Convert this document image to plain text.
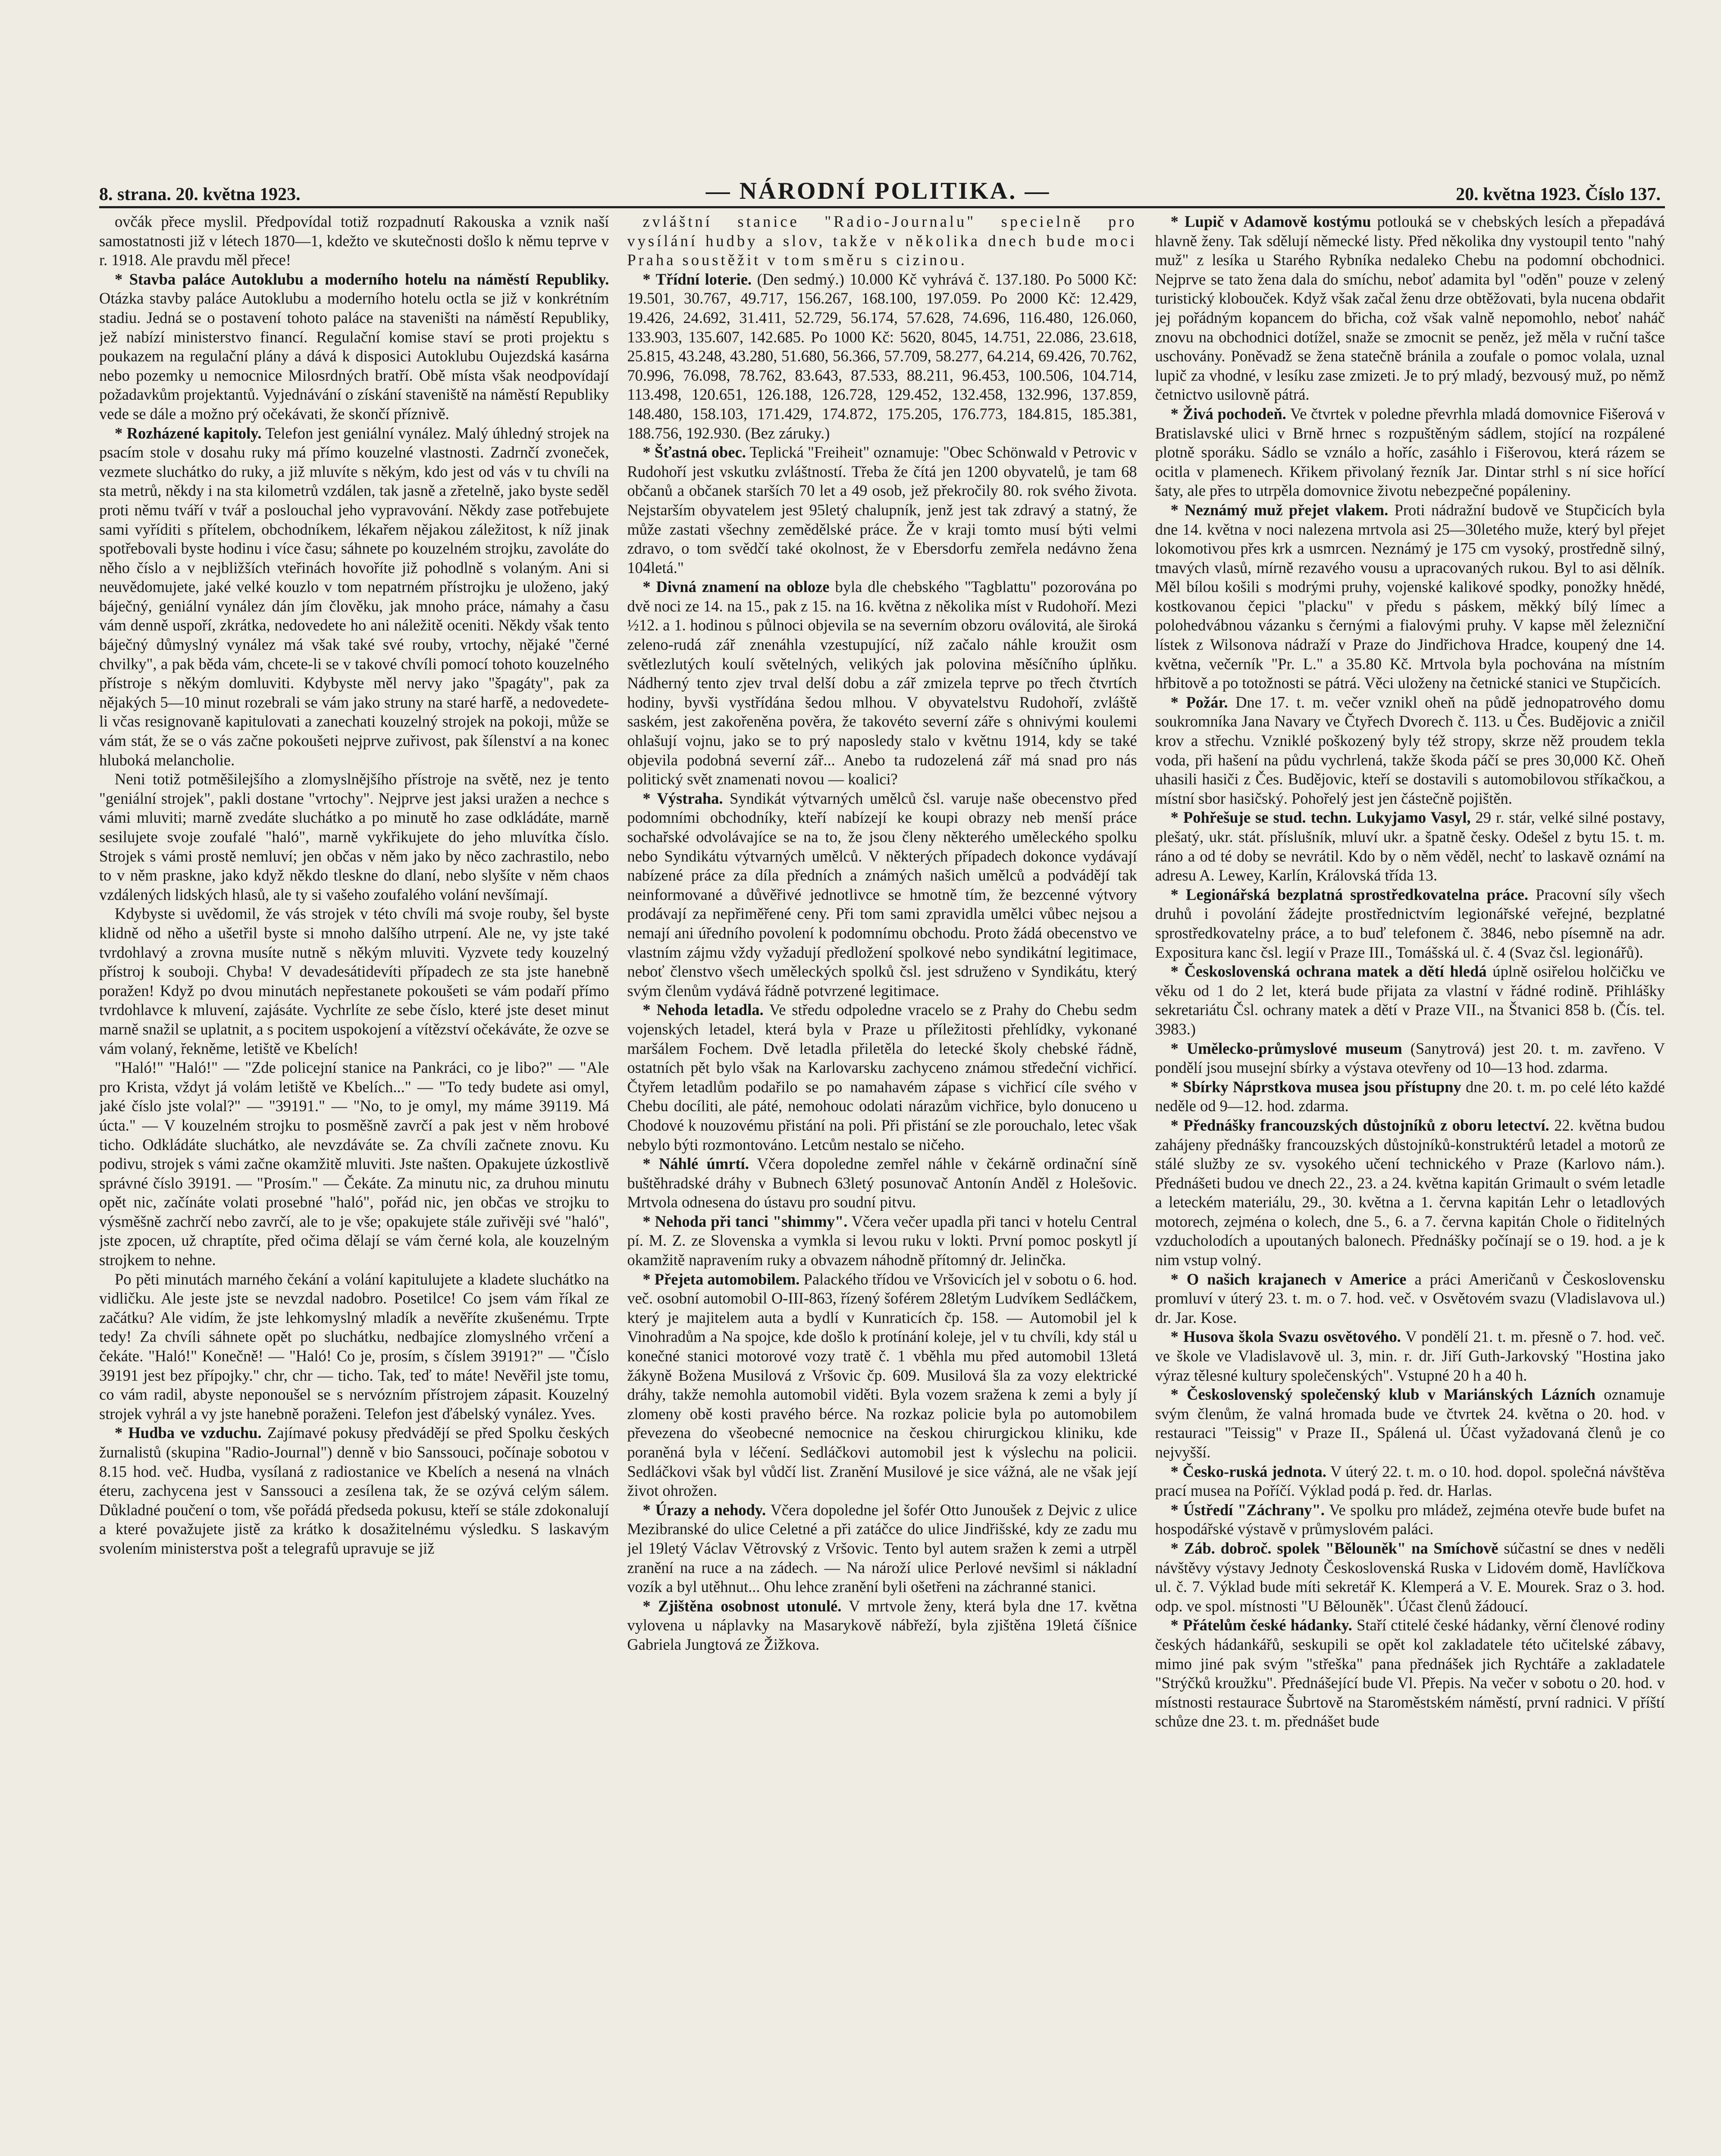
8. strana. 20. května 1923.	— NÁRODNÍ POLITIKA. —	20. května 1923. Číslo 137.

ovčák přece myslil. Předpovídal totiž rozpadnutí Rakouska a vznik naší samostatnosti již v létech 1870—1, kdežto ve skutečnosti došlo k němu teprve v r. 1918. Ale pravdu měl přece!

* Stavba paláce Autoklubu a moderního hotelu na náměstí Republiky. Otázka stavby paláce Autoklubu a moderního hotelu octla se již v konkrétním stadiu. Jedná se o postavení tohoto paláce na staveništi na náměstí Republiky, jež nabízí ministerstvo financí. Regulační komise staví se proti projektu s poukazem na regulační plány a dává k disposici Autoklubu Oujezdská kasárna nebo pozemky u nemocnice Milosrdných bratří. Obě místa však neodpovídají požadavkům projektantů. Vyjednávání o získání staveniště na náměstí Republiky vede se dále a možno prý očekávati, že skončí příznivě.

* Rozházené kapitoly. Telefon jest geniální vynález. Malý úhledný strojek na psacím stole v dosahu ruky má přímo kouzelné vlastnosti. Zadrnčí zvoneček, vezmete sluchátko do ruky, a již mluvíte s někým, kdo jest od vás v tu chvíli na sta metrů, někdy i na sta kilometrů vzdálen, tak jasně a zřetelně, jako byste seděl proti němu tváří v tvář a poslouchal jeho vypravování. Někdy zase potřebujete sami vyříditi s přítelem, obchodníkem, lékařem nějakou záležitost, k níž jinak spotřebovali byste hodinu i více času; sáhnete po kouzelném strojku, zavoláte do něho číslo a v nejbližších vteřinách hovoříte již pohodlně s volaným. Ani si neuvědomujete, jaké velké kouzlo v tom nepatrném přístrojku je uloženo, jaký báječný, geniální vynález dán jím člověku, jak mnoho práce, námahy a času vám denně uspoří, zkrátka, nedovedete ho ani náležitě oceniti. Někdy však tento báječný důmyslný vynález má však také své rouby, vrtochy, nějaké "černé chvilky", a pak běda vám, chcete-li se v takové chvíli pomocí tohoto kouzelného přístroje s někým domluviti. Kdybyste měl nervy jako "špagáty", pak za nějakých 5—10 minut rozebrali se vám jako struny na staré harfě, a nedovedete-li včas resignovaně kapitulovati a zanechati kouzelný strojek na pokoji, může se vám stát, že se o vás začne pokoušeti nejprve zuřivost, pak šílenství a na konec hluboká melancholie.

Neni totiž potměšilejšího a zlomyslnějšího přístroje na světě, nez je tento "geniální strojek", pakli dostane "vrtochy". Nejprve jest jaksi uražen a nechce s vámi mluviti; marně zvedáte sluchátko a po minutě ho zase odkládáte, marně sesilujete svoje zoufalé "haló", marně vykřikujete do jeho mluvítka číslo. Strojek s vámi prostě nemluví; jen občas v něm jako by něco zachrastilo, nebo to v něm praskne, jako když někdo tleskne do dlaní, nebo slyšíte v něm chaos vzdálených lidských hlasů, ale ty si vašeho zoufalého volání nevšímají.

Kdybyste si uvědomil, že vás strojek v této chvíli má svoje rouby, šel byste klidně od něho a ušetřil byste si mnoho dalšího utrpení. Ale ne, vy jste také tvrdohlavý a zrovna musíte nutně s někým mluviti. Vyzvete tedy kouzelný přístroj k souboji. Chyba! V devadesátidevíti případech ze sta jste hanebně poražen! Když po dvou minutách nepřestanete pokoušeti se vám podaří přímo tvrdohlavce k mluvení, zajásáte. Vychrlíte ze sebe číslo, které jste deset minut marně snažil se uplatnit, a s pocitem uspokojení a vítězství očekáváte, že ozve se vám volaný, řekněme, letiště ve Kbelích!

"Haló!" "Haló!" — "Zde policejní stanice na Pankráci, co je libo?" — "Ale pro Krista, vždyt já volám letiště ve Kbelích..." — "To tedy budete asi omyl, jaké číslo jste volal?" — "39191." — "No, to je omyl, my máme 39119. Má úcta." — V kouzelném strojku to posměšně zavrčí a pak jest v něm hrobové ticho. Odkládáte sluchátko, ale nevzdáváte se. Za chvíli začnete znovu. Ku podivu, strojek s vámi začne okamžitě mluviti. Jste našten. Opakujete úzkostlivě správné číslo 39191. — "Prosím." — Čekáte. Za minutu nic, za druhou minutu opět nic, začínáte volati prosebné "haló", pořád nic, jen občas ve strojku to výsměšně zachrčí nebo zavrčí, ale to je vše; opakujete stále zuřivěji své "haló", jste zpocen, už chraptíte, před očima dělají se vám černé kola, ale kouzelným strojkem to nehne.

Po pěti minutách marného čekání a volání kapitulujete a kladete sluchátko na vidličku. Ale jeste jste se nevzdal nadobro. Posetilce! Co jsem vám říkal ze začátku? Ale vidím, že jste lehkomyslný mladík a nevěříte zkušenému. Trpte tedy! Za chvíli sáhnete opět po sluchátku, nedbajíce zlomyslného vrčení a čekáte. "Haló!" Konečně! — "Haló! Co je, prosím, s číslem 39191?" — "Číslo 39191 jest bez přípojky." chr, chr — ticho. Tak, teď to máte! Nevěřil jste tomu, co vám radil, abyste neponoušel se s nervózním přístrojem zápasit. Kouzelný strojek vyhrál a vy jste hanebně poraženi. Telefon jest ďábelský vynález. Yves.

* Hudba ve vzduchu. Zajímavé pokusy předvádějí se před Spolku českých žurnalistů (skupina "Radio-Journal") denně v bio Sanssouci, počínaje sobotou v 8.15 hod. več. Hudba, vysílaná z radiostanice ve Kbelích a nesená na vlnách éteru, zachycena jest v Sanssouci a zesílena tak, že se ozývá celým sálem. Důkladné poučení o tom, vše pořádá předseda pokusu, kteří se stále zdokonalují a které považujete jistě za krátko k dosažitelnému výsledku. S laskavým svolením ministerstva pošt a telegrafů upravuje se již

zvláštní stanice "Radio-Journalu" specielně pro vysílání hudby a slov, takže v několika dnech bude moci Praha soustěžit v tom směru s cizinou.

* Třídní loterie. (Den sedmý.) 10.000 Kč vyhrává č. 137.180. Po 5000 Kč: 19.501, 30.767, 49.717, 156.267, 168.100, 197.059. Po 2000 Kč: 12.429, 19.426, 24.692, 31.411, 52.729, 56.174, 57.628, 74.696, 116.480, 126.060, 133.903, 135.607, 142.685. Po 1000 Kč: 5620, 8045, 14.751, 22.086, 23.618, 25.815, 43.248, 43.280, 51.680, 56.366, 57.709, 58.277, 64.214, 69.426, 70.762, 70.996, 76.098, 78.762, 83.643, 87.533, 88.211, 96.453, 100.506, 104.714, 113.498, 120.651, 126.188, 126.728, 129.452, 132.458, 132.996, 137.859, 148.480, 158.103, 171.429, 174.872, 175.205, 176.773, 184.815, 185.381, 188.756, 192.930. (Bez záruky.)

* Šťastná obec. Teplická "Freiheit" oznamuje: "Obec Schönwald v Petrovic v Rudohoří jest vskutku zvláštností. Třeba že čítá jen 1200 obyvatelů, je tam 68 občanů a občanek starších 70 let a 49 osob, jež překročily 80. rok svého života. Nejstarším obyvatelem jest 95letý chalupník, jenž jest tak zdravý a statný, že může zastati všechny zemědělské práce. Že v kraji tomto musí býti velmi zdravo, o tom svědčí také okolnost, že v Ebersdorfu zemřela nedávno žena 104letá."

* Divná znamení na obloze byla dle chebského "Tagblattu" pozorována po dvě noci ze 14. na 15., pak z 15. na 16. května z několika míst v Rudohoří. Mezi ½12. a 1. hodinou s půlnoci objevila se na severním obzoru oválovitá, ale široká zeleno-rudá zář znenáhla vzestupující, níž začalo náhle kroužit osm světlezlutých koulí světelných, velikých jak polovina měsíčního úplňku. Nádherný tento zjev trval delší dobu a zář zmizela teprve po třech čtvrtích hodiny, byvši vystřídána šedou mlhou. V obyvatelstvu Rudohoří, zvláště saském, jest zakořeněna pověra, že takovéto severní záře s ohnivými koulemi ohlašují vojnu, jako se to prý naposledy stalo v květnu 1914, kdy se také objevila podobná severní zář... Anebo ta rudozelená zář má snad pro nás politický svět znamenati novou — koalici?

* Výstraha. Syndikát výtvarných umělců čsl. varuje naše obecenstvo před podomními obchodníky, kteří nabízejí ke koupi obrazy neb menší práce sochařské odvolávajíce se na to, že jsou členy některého uměleckého spolku nebo Syndikátu výtvarných umělců. V některých případech dokonce vydávají nabízené práce za díla předních a známých našich umělců a podvádějí tak neinformované a důvěřivé jednotlivce se hmotně tím, že bezcenné výtvory prodávají za nepřiměřené ceny. Při tom sami zpravidla umělci vůbec nejsou a nemají ani úředního povolení k podomnímu obchodu. Proto žádá obecenstvo ve vlastním zájmu vždy vyžadují předložení spolkové nebo syndikátní legitimace, neboť členstvo všech uměleckých spolků čsl. jest sdruženo v Syndikátu, který svým členům vydává řádně potvrzené legitimace.

* Nehoda letadla. Ve středu odpoledne vracelo se z Prahy do Chebu sedm vojenských letadel, která byla v Praze u příležitosti přehlídky, vykonané maršálem Fochem. Dvě letadla přiletěla do letecké školy chebské řádně, ostatních pět bylo však na Karlovarsku zachyceno známou středeční vichřicí. Čtyřem letadlům podařilo se po namahavém zápase s vichřicí cíle svého v Chebu docíliti, ale páté, nemohouc odolati nárazům vichřice, bylo donuceno u Chodové k nouzovému přistání na poli. Při přistání se zle porouchalo, letec však nebylo býti rozmontováno. Letcům nestalo se ničeho.

* Náhlé úmrtí. Včera dopoledne zemřel náhle v čekárně ordinační síně buštěhradské dráhy v Bubnech 63letý posunovač Antonín Anděl z Holešovic. Mrtvola odnesena do ústavu pro soudní pitvu.

* Nehoda při tanci "shimmy". Včera večer upadla při tanci v hotelu Central pí. M. Z. ze Slovenska a vymkla si levou ruku v lokti. První pomoc poskytl jí okamžitě napravením ruky a obvazem náhodně přítomný dr. Jelinčka.

* Přejeta automobilem. Palackého třídou ve Vršovicích jel v sobotu o 6. hod. več. osobní automobil O-III-863, řízený šoférem 28letým Ludvíkem Sedláčkem, který je majitelem auta a bydlí v Kunraticích čp. 158. — Automobil jel k Vinohradům a Na spojce, kde došlo k protínání koleje, jel v tu chvíli, kdy stál u konečné stanici motorové vozy tratě č. 1 vběhla mu před automobil 13letá žákyně Božena Musilová z Vršovic čp. 609. Musilová šla za vozy elektrické dráhy, takže nemohla automobil viděti. Byla vozem sražena k zemi a byly jí zlomeny obě kosti pravého bérce. Na rozkaz policie byla po automobilem převezena do všeobecné nemocnice na českou chirurgickou kliniku, kde poraněná byla v léčení. Sedláčkovi automobil jest k výslechu na policii. Sedláčkovi však byl vůdčí list. Zranění Musilové je sice vážná, ale ne však její život ohrožen.

* Úrazy a nehody. Včera dopoledne jel šofér Otto Junoušek z Dejvic z ulice Mezibranské do ulice Celetné a při zatáčce do ulice Jindřišské, kdy ze zadu mu jel 19letý Václav Větrovský z Vršovic. Tento byl autem sražen k zemi a utrpěl zranění na ruce a na zádech. — Na nároží ulice Perlové nevšiml si nákladní vozík a byl utěhnut... Ohu lehce zranění byli ošetřeni na záchranné stanici.

* Zjištěna osobnost utonulé. V mrtvole ženy, která byla dne 17. května vylovena u náplavky na Masarykově nábřeží, byla zjištěna 19letá číšnice Gabriela Jungtová ze Žižkova.

* Lupič v Adamově kostýmu potlouká se v chebských lesích a přepadává hlavně ženy. Tak sdělují německé listy. Před několika dny vystoupil tento "nahý muž" z lesíka u Starého Rybníka nedaleko Chebu na podomní obchodnici. Nejprve se tato žena dala do smíchu, neboť adamita byl "oděn" pouze v zelený turistický klobouček. Když však začal ženu drze obtěžovati, byla nucena obdařit jej pořádným kopancem do břicha, což však valně nepomohlo, neboť naháč znovu na obchodnici dotížel, snaže se zmocnit se peněz, jež měla v ruční tašce uschovány. Poněvadž se žena statečně bránila a zoufale o pomoc volala, uznal lupič za vhodné, v lesíku zase zmizeti. Je to prý mladý, bezvousý muž, po němž četnictvo usilovně pátrá.

* Živá pochodeň. Ve čtvrtek v poledne převrhla mladá domovnice Fišerová v Bratislavské ulici v Brně hrnec s rozpuštěným sádlem, stojící na rozpálené plotně sporáku. Sádlo se vználo a hoříc, zasáhlo i Fišerovou, která rázem se ocitla v plamenech. Křikem přivolaný řezník Jar. Dintar strhl s ní sice hořící šaty, ale přes to utrpěla domovnice životu nebezpečné popáleniny.

* Neznámý muž přejet vlakem. Proti nádražní budově ve Stupčicích byla dne 14. května v noci nalezena mrtvola asi 25—30letého muže, který byl přejet lokomotivou přes krk a usmrcen. Neznámý je 175 cm vysoký, prostředně silný, tmavých vlasů, mírně rezavého vousu a upracovaných rukou. Byl to asi dělník. Měl bílou košili s modrými pruhy, vojenské kalikové spodky, ponožky hnědé, kostkovanou čepici "placku" v předu s páskem, měkký bílý límec a polohedvábnou vázanku s černými a fialovými pruhy. V kapse měl železniční lístek z Wilsonova nádraží v Praze do Jindřichova Hradce, koupený dne 14. května, večerník "Pr. L." a 35.80 Kč. Mrtvola byla pochována na místním hřbitově a po totožnosti se pátrá. Věci uloženy na četnické stanici ve Stupčicích.

* Požár. Dne 17. t. m. večer vznikl oheň na půdě jednopatrového domu soukromníka Jana Navary ve Čtyřech Dvorech č. 113. u Čes. Budějovic a zničil krov a střechu. Vzniklé poškozený byly též stropy, skrze něž proudem tekla voda, při hašení na půdu vychrlená, takže škoda páčí se pres 30,000 Kč. Oheň uhasili hasiči z Čes. Budějovic, kteří se dostavili s automobilovou stříkačkou, a místní sbor hasičský. Pohořelý jest jen částečně pojištěn.

* Pohřešuje se stud. techn. Lukyjamo Vasyl, 29 r. stár, velké silné postavy, plešatý, ukr. stát. příslušník, mluví ukr. a špatně česky. Odešel z bytu 15. t. m. ráno a od té doby se nevrátil. Kdo by o něm věděl, nechť to laskavě oznámí na adresu A. Lewey, Karlín, Královská třída 13.

* Legionářská bezplatná sprostředkovatelna práce. Pracovní síly všech druhů i povolání žádejte prostřednictvím legionářské veřejné, bezplatné sprostředkovatelny práce, a to buď telefonem č. 3846, nebo písemně na adr. Expositura kanc čsl. legií v Praze III., Tomášská ul. č. 4 (Svaz čsl. legionářů).

* Československá ochrana matek a dětí hledá úplně osiřelou holčičku ve věku od 1 do 2 let, která bude přijata za vlastní v řádné rodině. Přihlášky sekretariátu Čsl. ochrany matek a dětí v Praze VII., na Štvanici 858 b. (Čís. tel. 3983.)

* Umělecko-průmyslové museum (Sanytrová) jest 20. t. m. zavřeno. V pondělí jsou musejní sbírky a výstava otevřeny od 10—13 hod. zdarma.

* Sbírky Náprstkova musea jsou přístupny dne 20. t. m. po celé léto každé neděle od 9—12. hod. zdarma.

* Přednášky francouzských důstojníků z oboru letectví. 22. května budou zahájeny přednášky francouzských důstojníků-konstruktérů letadel a motorů ze stálé služby ze sv. vysokého učení technického v Praze (Karlovo nám.). Přednášeti budou ve dnech 22., 23. a 24. května kapitán Grimault o svém letadle a leteckém materiálu, 29., 30. května a 1. června kapitán Lehr o letadlových motorech, zejména o kolech, dne 5., 6. a 7. června kapitán Chole o řiditelných vzducholodích a upoutaných balonech. Přednášky počínají se o 19. hod. a je k nim vstup volný.

* O našich krajanech v Americe a práci Američanů v Československu promluví v úterý 23. t. m. o 7. hod. več. v Osvětovém svazu (Vladislavova ul.) dr. Jar. Kose.

* Husova škola Svazu osvětového. V pondělí 21. t. m. přesně o 7. hod. več. ve škole ve Vladislavově ul. 3, min. r. dr. Jiří Guth-Jarkovský "Hostina jako výraz tělesné kultury společenských". Vstupné 20 h a 40 h.

* Československý společenský klub v Mariánských Lázních oznamuje svým členům, že valná hromada bude ve čtvrtek 24. května o 20. hod. v restauraci "Teissig" v Praze II., Spálená ul. Účast vyžadovaná členů je co nejvyšší.

* Česko-ruská jednota. V úterý 22. t. m. o 10. hod. dopol. společná návštěva prací musea na Poříčí. Výklad podá p. řed. dr. Harlas.

* Ústředí "Záchrany". Ve spolku pro mládež, zejména otevře bude bufet na hospodářské výstavě v průmyslovém paláci.

* Záb. dobroč. spolek "Bělouněk" na Smíchově súčastní se dnes v neděli návštěvy výstavy Jednoty Československá Ruska v Lidovém domě, Havlíčkova ul. č. 7. Výklad bude míti sekretář K. Klemperá a V. E. Mourek. Sraz o 3. hod. odp. ve spol. místnosti "U Bělouněk". Účast členů žádoucí.

* Přátelům české hádanky. Staří ctitelé české hádanky, věrní členové rodiny českých hádankářů, seskupili se opět kol zakladatele této učitelské zábavy, mimo jiné pak svým "střeška" pana přednášek jich Rychtáře a zakladatele "Strýčků kroužku". Přednášející bude Vl. Přepis. Na večer v sobotu o 20. hod. v místnosti restaurace Šubrtově na Staroměstském náměstí, první radnici. V příští schůze dne 23. t. m. přednášet bude
